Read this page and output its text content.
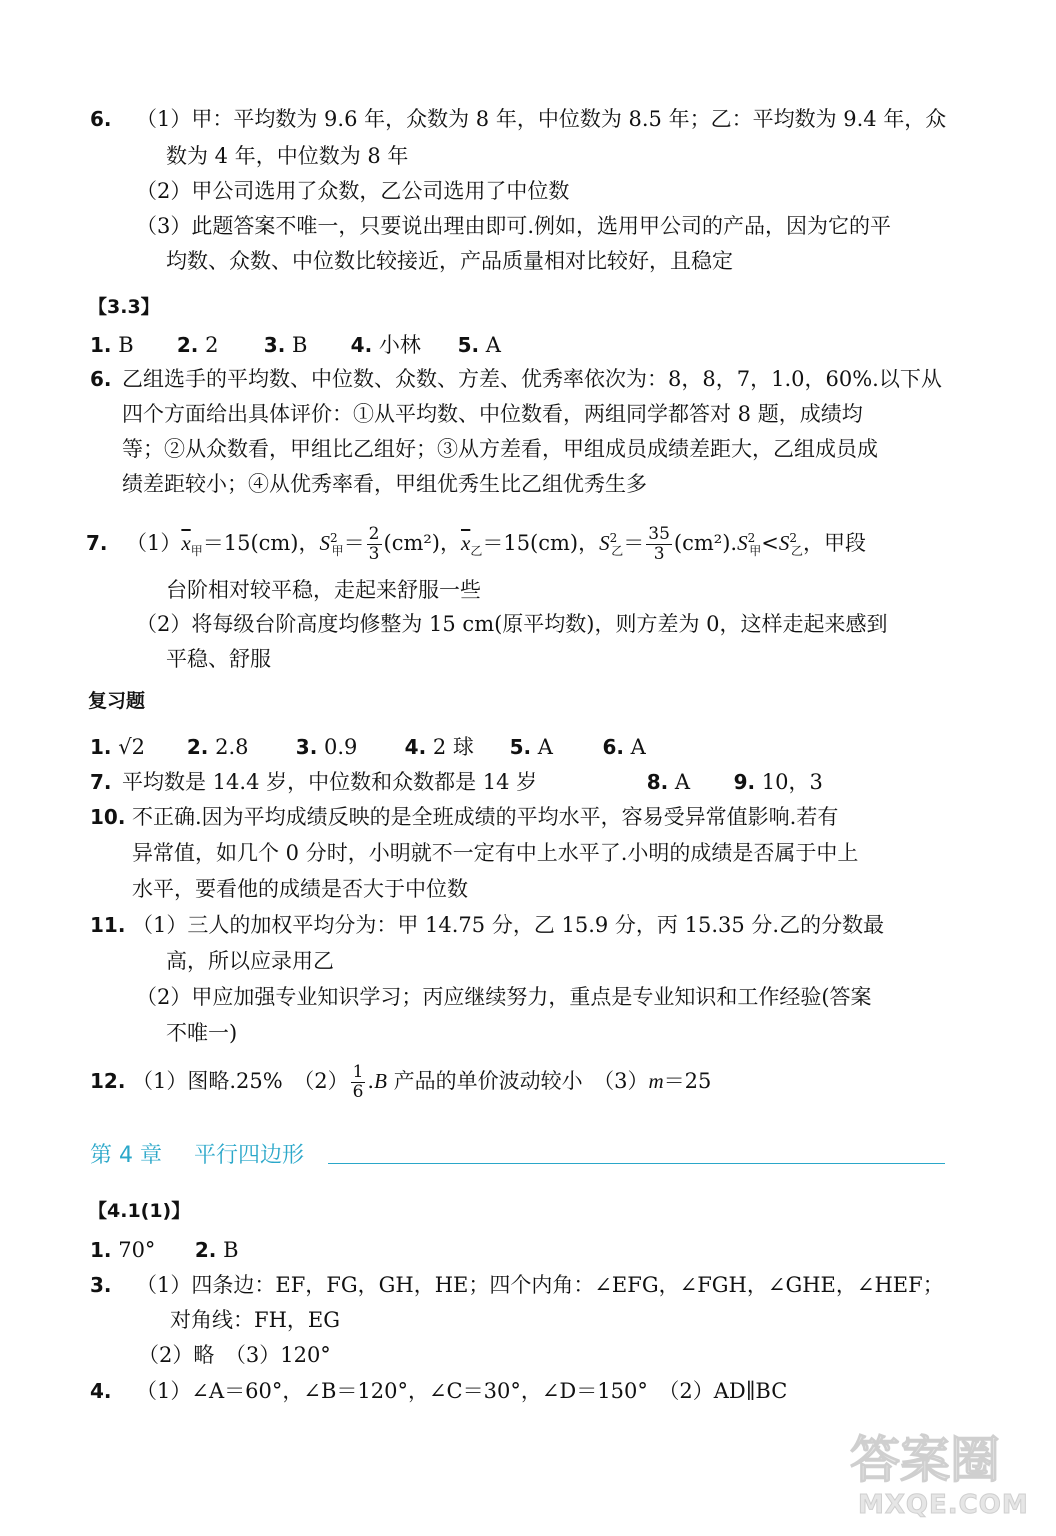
6. （1）甲：平均数为 9.6 年，众数为 8 年，中位数为 8.5 年；乙：平均数为 9.4 年，众
数为 4 年，中位数为 8 年
（2）甲公司选用了众数，乙公司选用了中位数
（3）此题答案不唯一，只要说出理由即可.例如，选用甲公司的产品，因为它的平
均数、众数、中位数比较接近，产品质量相对比较好，且稳定
【3.3】
1. B 2. 2 3. B 4. 小林 5. A
6. 乙组选手的平均数、中位数、众数、方差、优秀率依次为：8，8，7，1.0，60%.以下从
四个方面给出具体评价：①从平均数、中位数看，两组同学都答对 8 题，成绩均
等；②从众数看，甲组比乙组好；③从方差看，甲组成员成绩差距大，乙组成员成
绩差距较小；④从优秀率看，甲组优秀生比乙组优秀生多
7. $(1)\overline{x}_甲=15(cm)$，$S^2_甲= \frac{2}{3} (cm^2)$，$\overline{x}_乙=15(cm)$，$S^2_乙= \frac{35}{3} (cm^2).S^2_甲<S^2_乙$，甲段
台阶相对较平稳，走起来舒服一些
（2）将每级台阶高度均修整为 15 cm(原平均数)，则方差为 0，这样走起来感到
平稳、舒服
复习题
1. √2 2. 2.8 3. 0.9 4. 2 球 5. A 6. A
7. 平均数是 14.4 岁，中位数和众数都是 14 岁	8. A 9. 10，3
10. 不正确.因为平均成绩反映的是全班成绩的平均水平，容易受异常值影响.若有
异常值，如几个 0 分时，小明就不一定有中上水平了.小明的成绩是否属于中上
水平，要看他的成绩是否大于中位数
11. （1）三人的加权平均分为：甲 14.75 分，乙 15.9 分，丙 15.35 分.乙的分数最
高，所以应录用乙
（2）甲应加强专业知识学习；丙应继续努力，重点是专业知识和工作经验(答案
不唯一)
12. （1）图略.25%　$(2) \frac{1}{6} .B$ 产品的单价波动较小　（3）m＝25
第 4 章 平行四边形
【4.1(1)】
1. 70° 2. B
3. （1）四条边：EF，FG，GH，HE；四个内角：∠EFG，∠FGH，∠GHE，∠HEF；
对角线：FH，EG
（2）略　（3）120°
4. （1）∠A＝60°，∠B＝120°，∠C＝30°，∠D＝150°　（2）AD∥BC
答案圈
MXQE.COM
